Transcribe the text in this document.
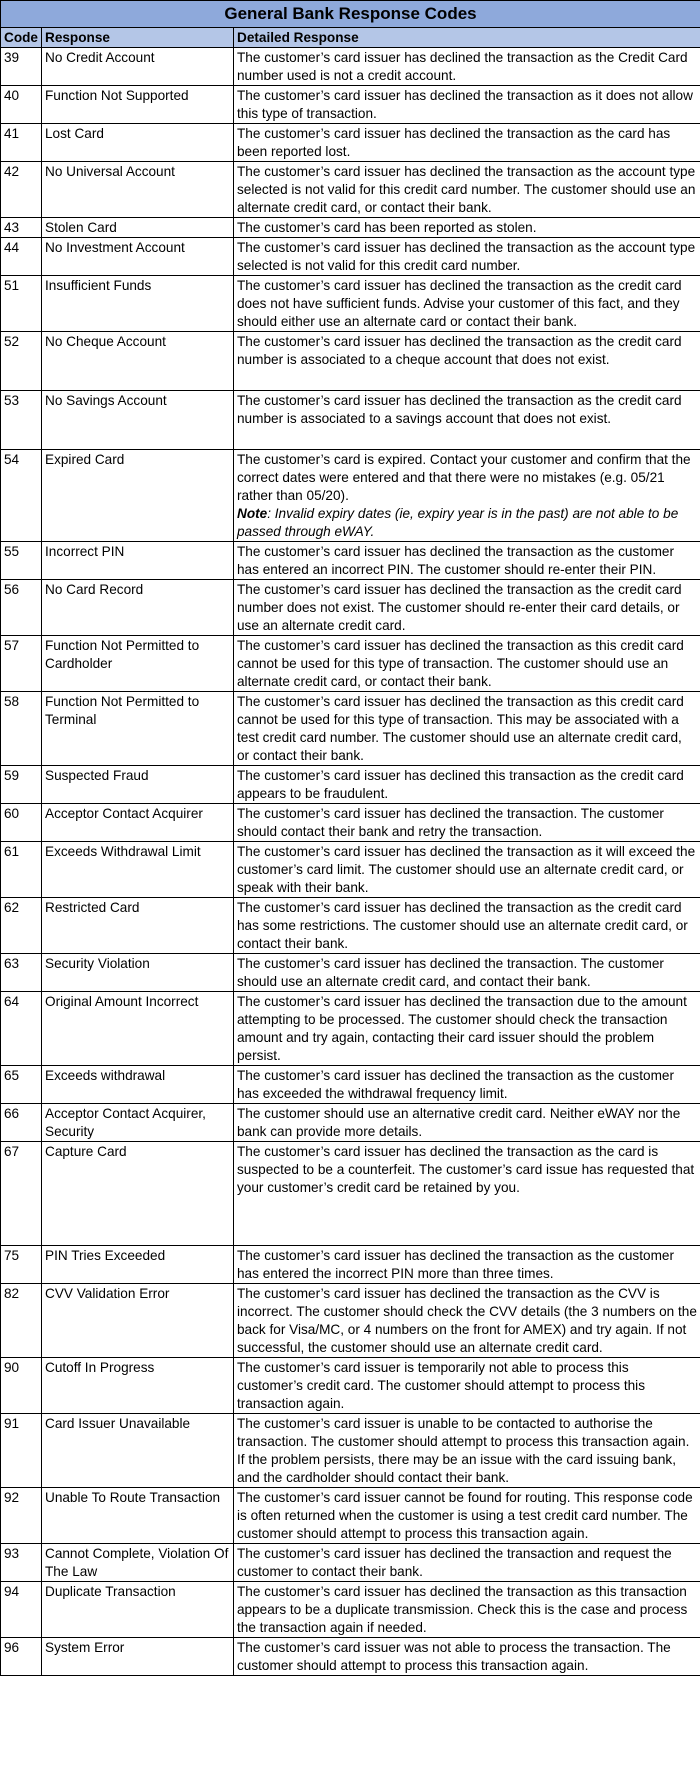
General Bank Response Codes		
Code	Response	Detailed Response
39	No Credit Account	The customer’s card issuer has declined the transaction as the Credit Card number used is not a credit account.

40	Function Not Supported	The customer’s card issuer has declined the transaction as it does not allow this type of transaction.

41	Lost Card	The customer’s card issuer has declined the transaction as the card has been reported lost.

42	No Universal Account	The customer’s card issuer has declined the transaction as the account type selected is not valid for this credit card number. The customer should use an alternate credit card, or contact their bank.

43	Stolen Card	The customer’s card has been reported as stolen.

44	No Investment Account	The customer’s card issuer has declined the transaction as the account type selected is not valid for this credit card number.

51	Insufficient Funds	The customer’s card issuer has declined the transaction as the credit card does not have sufficient funds. Advise your customer of this fact, and they should either use an alternate card or contact their bank.

52	No Cheque Account	The customer’s card issuer has declined the transaction as the credit card number is associated to a cheque account that does not exist.

53	No Savings Account	The customer’s card issuer has declined the transaction as the credit card number is associated to a savings account that does not exist.

54	Expired Card	The customer’s card is expired. Contact your customer and confirm that the correct dates were entered and that there were no mistakes (e.g. 05/21 rather than 05/20).
Note: Invalid expiry dates (ie, expiry year is in the past) are not able to be passed through eWAY.

55	Incorrect PIN	The customer’s card issuer has declined the transaction as the customer has entered an incorrect PIN. The customer should re-enter their PIN.

56	No Card Record	The customer’s card issuer has declined the transaction as the credit card number does not exist. The customer should re-enter their card details, or use an alternate credit card.

57	Function Not Permitted to Cardholder	The customer’s card issuer has declined the transaction as this credit card cannot be used for this type of transaction. The customer should use an alternate credit card, or contact their bank.

58	Function Not Permitted to Terminal	The customer’s card issuer has declined the transaction as this credit card cannot be used for this type of transaction. This may be associated with a test credit card number. The customer should use an alternate credit card, or contact their bank.

59	Suspected Fraud	The customer’s card issuer has declined this transaction as the credit card appears to be fraudulent.

60	Acceptor Contact Acquirer	The customer’s card issuer has declined the transaction. The customer should contact their bank and retry the transaction.

61	Exceeds Withdrawal Limit	The customer’s card issuer has declined the transaction as it will exceed the customer’s card limit. The customer should use an alternate credit card, or speak with their bank.

62	Restricted Card	The customer’s card issuer has declined the transaction as the credit card has some restrictions. The customer should use an alternate credit card, or contact their bank.

63	Security Violation	The customer’s card issuer has declined the transaction. The customer should use an alternate credit card, and contact their bank.

64	Original Amount Incorrect	The customer’s card issuer has declined the transaction due to the amount attempting to be processed. The customer should check the transaction amount and try again, contacting their card issuer should the problem persist.

65	Exceeds withdrawal	The customer’s card issuer has declined the transaction as the customer has exceeded the withdrawal frequency limit.

66	Acceptor Contact Acquirer, Security	The customer should use an alternative credit card. Neither eWAY nor the bank can provide more details.

67	Capture Card	The customer’s card issuer has declined the transaction as the card is suspected to be a counterfeit. The customer’s card issue has requested that your customer’s credit card be retained by you.

75	PIN Tries Exceeded	The customer’s card issuer has declined the transaction as the customer has entered the incorrect PIN more than three times.

82	CVV Validation Error	The customer’s card issuer has declined the transaction as the CVV is incorrect. The customer should check the CVV details (the 3 numbers on the back for Visa/MC, or 4 numbers on the front for AMEX) and try again. If not successful, the customer should use an alternate credit card.

90	Cutoff In Progress	The customer’s card issuer is temporarily not able to process this customer’s credit card. The customer should attempt to process this transaction again.

91	Card Issuer Unavailable	The customer’s card issuer is unable to be contacted to authorise the transaction. The customer should attempt to process this transaction again.
If the problem persists, there may be an issue with the card issuing bank, and the cardholder should contact their bank.

92	Unable To Route Transaction	The customer’s card issuer cannot be found for routing. This response code is often returned when the customer is using a test credit card number. The customer should attempt to process this transaction again.

93	Cannot Complete, Violation Of The Law	The customer’s card issuer has declined the transaction and request the customer to contact their bank.

94	Duplicate Transaction	The customer’s card issuer has declined the transaction as this transaction appears to be a duplicate transmission. Check this is the case and process the transaction again if needed.

96	System Error	The customer’s card issuer was not able to process the transaction. The customer should attempt to process this transaction again.
